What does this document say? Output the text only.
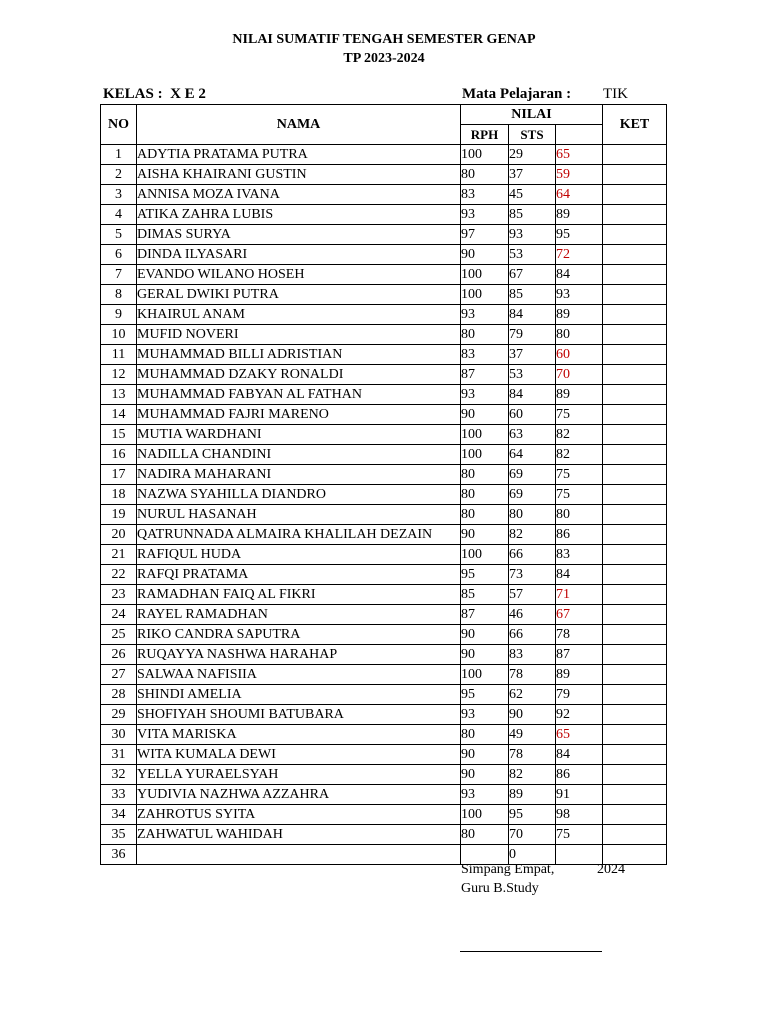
NILAI SUMATIF TENGAH SEMESTER GENAP
TP 2023-2024
KELAS :  X E 2	Mata Pelajaran : TIK
NO	NAMA	NILAI			KET
		RPH	STS		
1	ADYTIA PRATAMA PUTRA	100	29	65	
2	AISHA KHAIRANI GUSTIN	80	37	59	
3	ANNISA MOZA IVANA	83	45	64	
4	ATIKA ZAHRA LUBIS	93	85	89	
5	DIMAS SURYA	97	93	95	
6	DINDA ILYASARI	90	53	72	
7	EVANDO WILANO HOSEH	100	67	84	
8	GERAL DWIKI PUTRA	100	85	93	
9	KHAIRUL ANAM	93	84	89	
10	MUFID NOVERI	80	79	80	
11	MUHAMMAD BILLI ADRISTIAN	83	37	60	
12	MUHAMMAD DZAKY RONALDI	87	53	70	
13	MUHAMMAD FABYAN AL FATHAN	93	84	89	
14	MUHAMMAD FAJRI MARENO	90	60	75	
15	MUTIA WARDHANI	100	63	82	
16	NADILLA CHANDINI	100	64	82	
17	NADIRA MAHARANI	80	69	75	
18	NAZWA SYAHILLA DIANDRO	80	69	75	
19	NURUL HASANAH	80	80	80	
20	QATRUNNADA ALMAIRA KHALILAH DEZAIN	90	82	86	
21	RAFIQUL HUDA	100	66	83	
22	RAFQI PRATAMA	95	73	84	
23	RAMADHAN FAIQ AL FIKRI	85	57	71	
24	RAYEL RAMADHAN	87	46	67	
25	RIKO CANDRA SAPUTRA	90	66	78	
26	RUQAYYA NASHWA HARAHAP	90	83	87	
27	SALWAA NAFISIIA	100	78	89	
28	SHINDI AMELIA	95	62	79	
29	SHOFIYAH SHOUMI BATUBARA	93	90	92	
30	VITA MARISKA	80	49	65	
31	WITA KUMALA DEWI	90	78	84	
32	YELLA YURAELSYAH	90	82	86	
33	YUDIVIA NAZHWA AZZAHRA	93	89	91	
34	ZAHROTUS SYITA	100	95	98	
35	ZAHWATUL WAHIDAH	80	70	75	
36			0		
Simpang Empat,	2024
Guru B.Study
